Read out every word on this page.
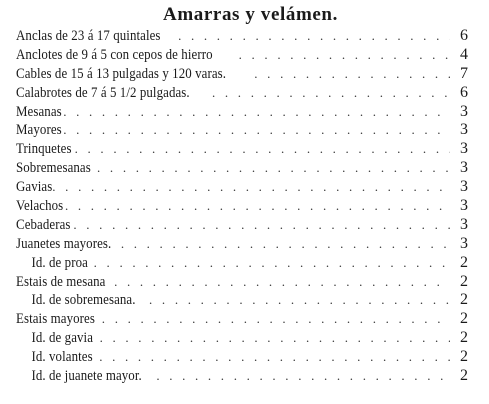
Amarras y velámen.
Anclas de 23 á 17 quintales . . .	6
Anclotes de 9 á 5 con cepos de hierro . . .	4
Cables de 15 á 13 pulgadas y 120 varas. . . .	7
Calabrotes de 7 á 5 1/2 pulgadas. . . .	6
Mesanas . . .	3
Mayores . . .	3
Trinquetes . . .	3
Sobremesanas . . .	3
Gavias . . .	3
Velachos . . .	3
Cebaderas . . .	3
Juanetes mayores. . . .	3
Id. de proa . . .	2
Estais de mesana . . .	2
Id. de sobremesana. . . .	2
Estais mayores . . .	2
Id. de gavia . . .	2
Id. volantes . . .	2
Id. de juanete mayor. . . .	2
